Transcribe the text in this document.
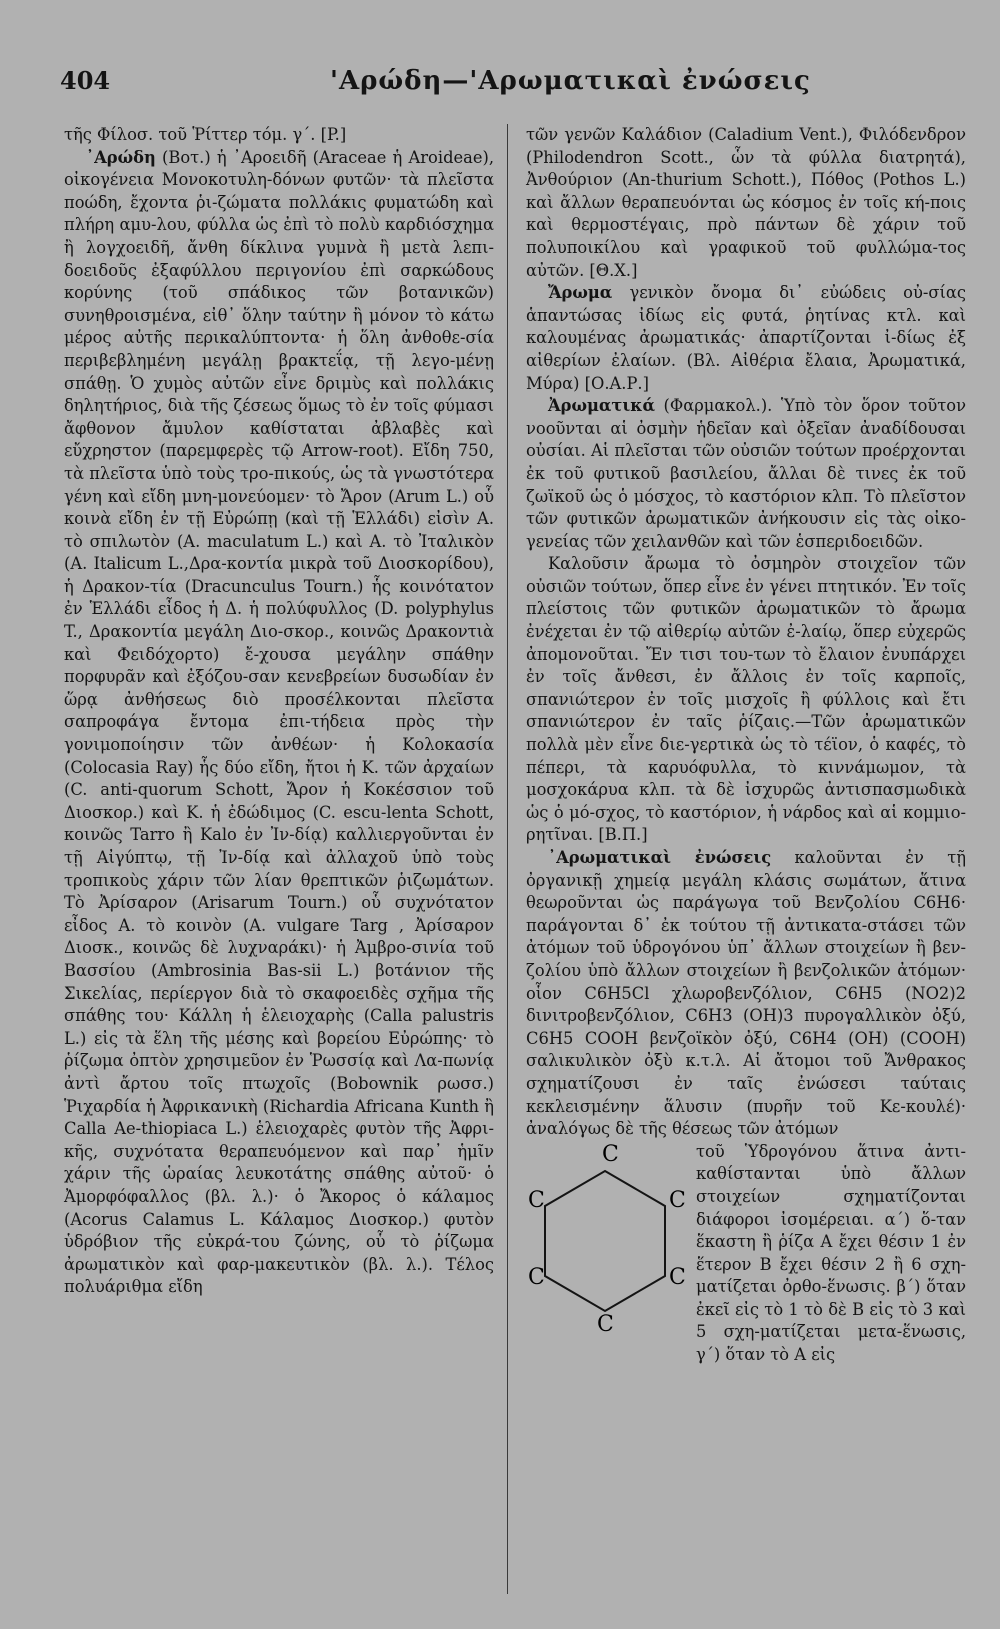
404	'Αρώδη—'Αρωματικαὶ ἐνώσεις

τῆς Φίλοσ. τοῦ Ῥίττερ τόμ. γ΄. [P.]

᾿Αρώδη (Βοτ.) ἡ ᾿Αροειδῆ (Araceae ἡ Aroideae), οἰκογένεια Μονοκοτυλη-δόνων φυτῶν· τὰ πλεῖστα ποώδη, ἔχοντα ῥι-ζώματα πολλάκις φυματώδη καὶ πλήρη αμυ-λου, φύλλα ὡς ἐπὶ τὸ πολὺ καρδιόσχημα ἢ λογχοειδῆ, ἄνθη δίκλινα γυμνὰ ἢ μετὰ λεπι-δοειδοῦς ἐξαφύλλου περιγονίου ἐπὶ σαρκώδους κορύνης (τοῦ σπάδικος τῶν βοτανικῶν) συνηθροισμένα, εἰθ᾽ ὅλην ταύτην ἢ μόνον τὸ κάτω μέρος αὐτῆς περικαλύπτοντα· ἡ ὅλη ἀνθοθε-σία περιβεβλημένη μεγάλῃ βρακτεΐᾳ, τῇ λεγο-μένῃ σπάθῃ. Ὁ χυμὸς αὐτῶν εἶνε δριμὺς καὶ πολλάκις δηλητήριος, διὰ τῆς ζέσεως ὅμως τὸ ἐν τοῖς φύμασι ἄφθονον ἄμυλον καθίσταται ἀβλαβὲς καὶ εὔχρηστον (παρεμφερὲς τῷ Arrow-root). Εἴδη 750, τὰ πλεῖστα ὑπὸ τοὺς τρο-πικούς, ὡς τὰ γνωστότερα γένη καὶ εἴδη μνη-μονεύομεν· τὸ Ἄρον (Arum L.) οὗ κοινὰ εἴδη ἐν τῇ Εὐρώπῃ (καὶ τῇ Ἑλλάδι) εἰσὶν Α. τὸ σπιλωτὸν (A. maculatum L.) καὶ Α. τὸ Ἰταλικὸν (A. Italicum L.,Δρα-κοντία μικρὰ τοῦ Διοσκορίδου), ἡ Δρακον-τία (Dracunculus Tourn.) ἧς κοινότατον ἐν Ἑλλάδι εἶδος ἡ Δ. ἡ πολύφυλλος (D. polyphylus T., Δρακοντία μεγάλη Διο-σκορ., κοινῶς Δρακοντιὰ καὶ Φειδόχορτο) ἔ-χουσα μεγάλην σπάθην πορφυρᾶν καὶ ἐξόζου-σαν κενεβρείων δυσωδίαν ἐν ὥρᾳ ἀνθήσεως διὸ προσέλκονται πλεῖστα σαπροφάγα ἔντομα ἐπι-τήδεια πρὸς τὴν γονιμοποίησιν τῶν ἀνθέων· ἡ Κολοκασία (Colocasia Ray) ἧς δύο εἴδη, ἤτοι ἡ Κ. τῶν ἀρχαίων (C. anti-quorum Schott, Ἄρον ἡ Κοκέσσιον τοῦ Διοσκορ.) καὶ Κ. ἡ ἐδώδιμος (C. escu-lenta Schott, κοινῶς Tarro ἢ Kalo ἐν Ἰν-δίᾳ) καλλιεργοῦνται ἐν τῇ Αἰγύπτῳ, τῇ Ἰν-δίᾳ καὶ ἀλλαχοῦ ὑπὸ τοὺς τροπικοὺς χάριν τῶν λίαν θρεπτικῶν ῥιζωμάτων. Τὸ Ἀρίσαρον (Arisarum Tourn.) οὗ συχνότατον εἶδος Α. τὸ κοινὸν (A. vulgare Targ , Ἀρίσαρον Διοσκ., κοινῶς δὲ λυχναράκι)· ἡ Ἀμβρο-σινία τοῦ Βασσίου (Ambrosinia Bas-sii L.) βοτάνιον τῆς Σικελίας, περίεργον διὰ τὸ σκαφοειδὲς σχῆμα τῆς σπάθης του· Κάλλη ἡ ἑλειοχαρὴς (Calla palustris L.) εἰς τὰ ἕλη τῆς μέσης καὶ βορείου Εὐρώπης· τὸ ῥίζωμα ὀπτὸν χρησιμεῦον ἐν Ῥωσσίᾳ καὶ Λα-πωνίᾳ ἀντὶ ἄρτου τοῖς πτωχοῖς (Bobownik ρωσσ.) Ῥιχαρδία ἡ Ἀφρικανικὴ (Richardia Africana Kunth ἢ Calla Ae-thiopiaca L.) ἑλειοχαρὲς φυτὸν τῆς Ἀφρι-κῆς, συχνότατα θεραπευόμενον καὶ παρ᾽ ἡμῖν χάριν τῆς ὡραίας λευκοτάτης σπάθης αὐτοῦ· ὁ Ἀμορφόφαλλος (βλ. λ.)· ὁ Ἄκορος ὁ κάλαμος (Acorus Calamus L. Κάλαμος Διοσκορ.) φυτὸν ὑδρόβιον τῆς εὐκρά-του ζώνης, οὗ τὸ ῥίζωμα ἀρωματικὸν καὶ φαρ-μακευτικὸν (βλ. λ.). Τέλος πολυάριθμα εἴδη

τῶν γενῶν Καλάδιον (Caladium Vent.), Φιλόδενδρον (Philodendron Scott., ὧν τὰ φύλλα διατρητά), Ἀνθούριον (An-thurium Schott.), Πόθος (Pothos L.) καὶ ἄλλων θεραπευόνται ὡς κόσμος ἐν τοῖς κή-ποις καὶ θερμοστέγαις, πρὸ πάντων δὲ χάριν τοῦ πολυποικίλου καὶ γραφικοῦ τοῦ φυλλώμα-τος αὐτῶν. [Θ.Χ.]

Ἄρωμα γενικὸν ὄνομα δι᾽ εὐώδεις οὐ-σίας ἁπαντώσας ἰδίως εἰς φυτά, ῥητίνας κτλ. καὶ καλουμένας ἀρωματικάς· ἀπαρτίζονται ἰ-δίως ἐξ αἰθερίων ἐλαίων. (Βλ. Αἰθέρια ἔλαια, Ἀρωματικά, Μύρα) [Ο.Α.Ρ.]

Ἀρωματικά (Φαρμακολ.). Ὑπὸ τὸν ὅρον τοῦτον νοοῦνται αἱ ὀσμὴν ἡδεῖαν καὶ ὀξεῖαν ἀναδίδουσαι οὐσίαι. Αἱ πλεῖσται τῶν οὐσιῶν τούτων προέρχονται ἐκ τοῦ φυτικοῦ βασιλείου, ἄλλαι δὲ τινες ἐκ τοῦ ζωϊκοῦ ὡς ὁ μόσχος, τὸ καστόριον κλπ. Τὸ πλεῖστον τῶν φυτικῶν ἀρωματικῶν ἀνήκουσιν εἰς τὰς οἰκο-γενείας τῶν χειλανθῶν καὶ τῶν ἑσπεριδοειδῶν.

Καλοῦσιν ἄρωμα τὸ ὀσμηρὸν στοιχεῖον τῶν οὐσιῶν τούτων, ὅπερ εἶνε ἐν γένει πτητικόν. Ἐν τοῖς πλείστοις τῶν φυτικῶν ἀρωματικῶν τὸ ἄρωμα ἐνέχεται ἐν τῷ αἰθερίῳ αὐτῶν ἐ-λαίῳ, ὅπερ εὐχερῶς ἀπομονοῦται. Ἔν τισι του-των τὸ ἔλαιον ἐνυπάρχει ἐν τοῖς ἄνθεσι, ἐν ἄλλοις ἐν τοῖς καρποῖς, σπανιώτερον ἐν τοῖς μισχοῖς ἢ φύλλοις καὶ ἔτι σπανιώτερον ἐν ταῖς ῥίζαις.—Τῶν ἀρωματικῶν πολλὰ μὲν εἶνε διε-γερτικὰ ὡς τὸ τέϊον, ὁ καφές, τὸ πέπερι, τὰ καρυόφυλλα, τὸ κιννάμωμον, τὰ μοσχοκάρυα κλπ. τὰ δὲ ἰσχυρῶς ἀντισπασμωδικὰ ὡς ὁ μό-σχος, τὸ καστόριον, ἡ νάρδος καὶ αἱ κομμιο-ρητῖναι. [Β.Π.]

᾿Αρωματικαὶ ἐνώσεις καλοῦνται ἐν τῇ ὀργανικῇ χημείᾳ μεγάλη κλάσις σωμάτων, ἅτινα θεωροῦνται ὡς παράγωγα τοῦ Βενζολίου C6H6· παράγονται δ᾽ ἐκ τούτου τῇ ἀντικατα-στάσει τῶν ἀτόμων τοῦ ὑδρογόνου ὑπ᾽ ἄλλων στοιχείων ἢ βεν-ζολίου ὑπὸ ἄλλων στοιχείων ἢ βενζολικῶν ἀτόμων· οἷον C6H5Cl χλωροβενζόλιον, C6H5 (NO2)2 δινιτροβενζόλιον, C6H3 (OH)3 πυρογαλλικὸν ὀξύ, C6H5 COOH βενζοϊκὸν ὀξύ, C6H4 (OH) (COOH) σαλικυλικὸν ὀξὺ κ.τ.λ. Αἱ ἄτομοι τοῦ Ἄνθρακος σχηματίζουσι ἐν ταῖς ἐνώσεσι ταύταις κεκλεισμένην ἅλυσιν (πυρῆν τοῦ Κε-κουλέ)· ἀναλόγως δὲ τῆς θέσεως τῶν ἀτόμων

C
C
C
C
C
C

τοῦ Ὑδρογόνου ἅτινα ἀντι-καθίστανται ὑπὸ ἄλλων στοιχείων σχηματίζονται διάφοροι ἰσομέρειαι. α΄) ὅ-ταν ἕκαστη ἢ ῥίζα A ἔχει θέσιν 1 ἐν ἕτερον B ἔχει θέσιν 2 ἢ 6 σχη-ματίζεται ὀρθο-ἕνωσις. β΄) ὅταν ἐκεῖ εἰς τὸ 1 τὸ δὲ B εἰς τὸ 3 καὶ 5 σχη-ματίζεται μετα-ἕνωσις, γ΄) ὅταν τὸ A εἰς
